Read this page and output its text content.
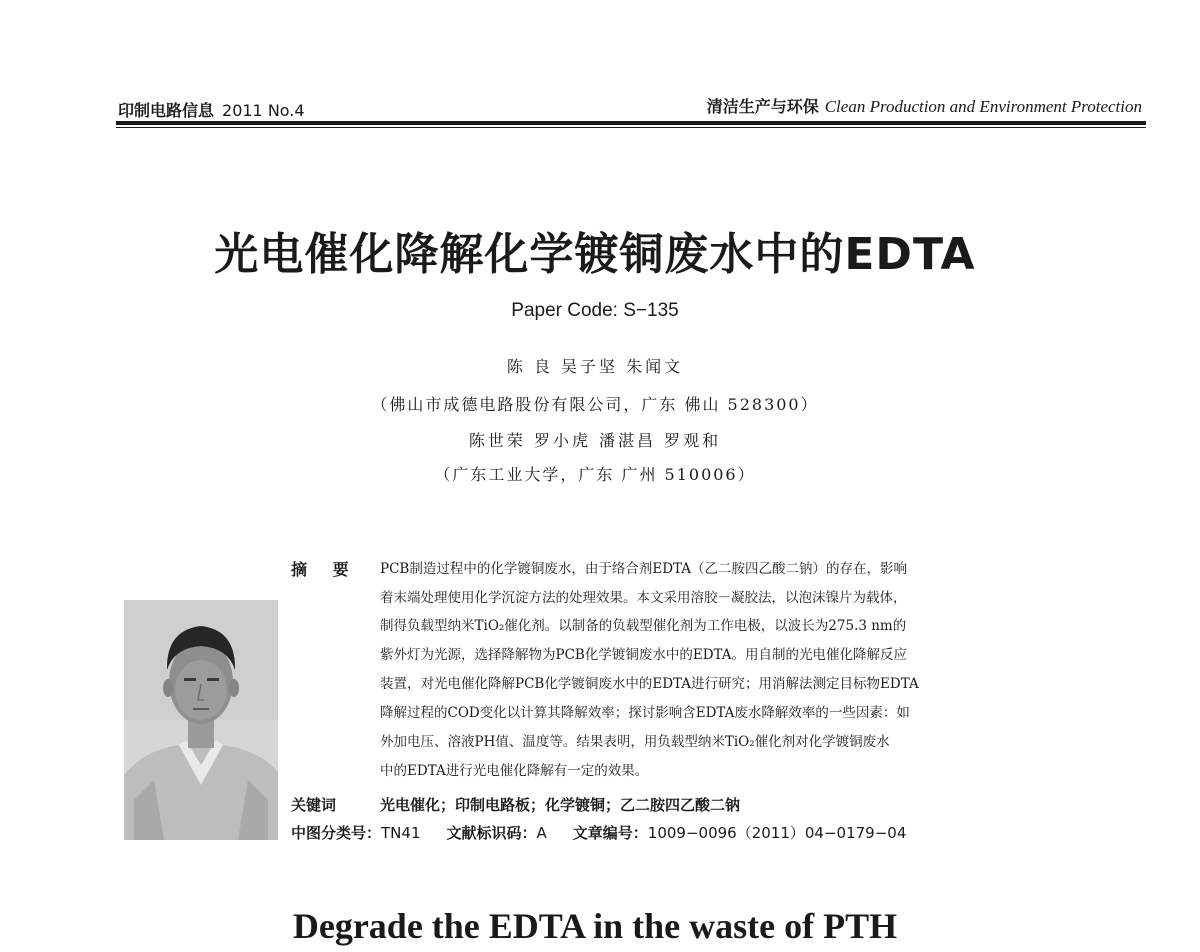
印制电路信息 2011 No.4	清洁生产与环保 Clean Production and Environment Protection
光电催化降解化学镀铜废水中的EDTA
Paper Code: S−135
陈 良 吴子坚 朱闻文
（佛山市成德电路股份有限公司，广东 佛山 528300）
陈世荣 罗小虎 潘湛昌 罗观和
（广东工业大学，广东 广州 510006）
摘 要 PCB制造过程中的化学镀铜废水，由于络合剂EDTA（乙二胺四乙酸二钠）的存在，影响
着末端处理使用化学沉淀方法的处理效果。本文采用溶胶－凝胶法，以泡沫镍片为载体，
制得负载型纳米TiO₂催化剂。以制备的负载型催化剂为工作电极，以波长为275.3 nm的
紫外灯为光源，选择降解物为PCB化学镀铜废水中的EDTA。用自制的光电催化降解反应
装置，对光电催化降解PCB化学镀铜废水中的EDTA进行研究；用消解法测定目标物EDTA
降解过程的COD变化以计算其降解效率；探讨影响含EDTA废水降解效率的一些因素：如
外加电压、溶液PH值、温度等。结果表明，用负载型纳米TiO₂催化剂对化学镀铜废水
中的EDTA进行光电催化降解有一定的效果。
关键词	光电催化；印制电路板；化学镀铜；乙二胺四乙酸二钠
中图分类号：TN41 文献标识码：A 文章编号：1009−0096（2011）04−0179−04
Degrade the EDTA in the waste of PTH
